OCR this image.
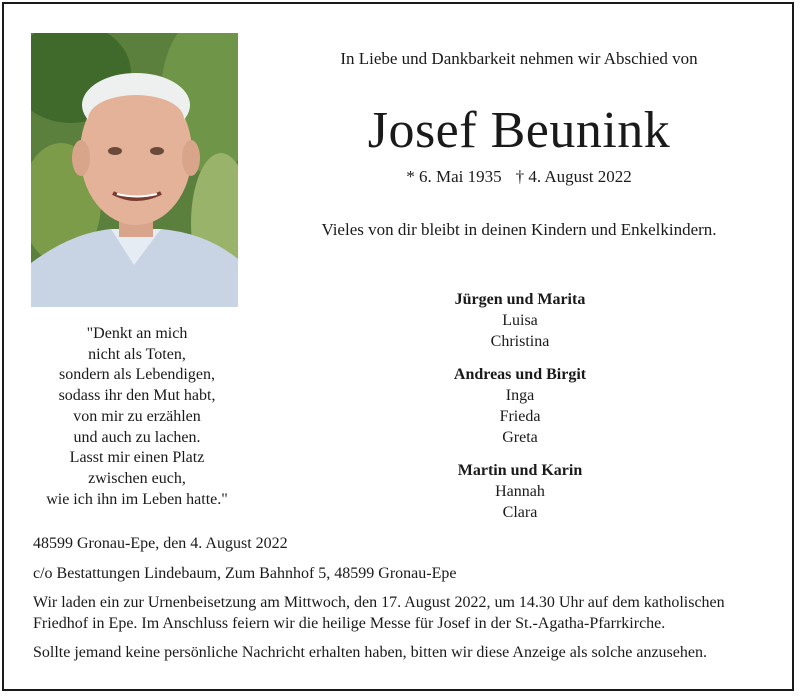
In Liebe und Dankbarkeit nehmen wir Abschied von
Josef Beunink
* 6. Mai 1935 † 4. August 2022
Vieles von dir bleibt in deinen Kindern und Enkelkindern.
Jürgen und Marita
Luisa
Christina
Andreas und Birgit
Inga
Frieda
Greta
Martin und Karin
Hannah
Clara
"Denkt an mich
nicht als Toten,
sondern als Lebendigen,
sodass ihr den Mut habt,
von mir zu erzählen
und auch zu lachen.
Lasst mir einen Platz
zwischen euch,
wie ich ihn im Leben hatte."

48599 Gronau-Epe, den 4. August 2022

c/o Bestattungen Lindebaum, Zum Bahnhof 5, 48599 Gronau-Epe

Wir laden ein zur Urnenbeisetzung am Mittwoch, den 17. August 2022, um 14.30 Uhr auf dem katholischen Friedhof in Epe. Im Anschluss feiern wir die heilige Messe für Josef in der St.-Agatha-Pfarrkirche.

Sollte jemand keine persönliche Nachricht erhalten haben, bitten wir diese Anzeige als solche anzusehen.
